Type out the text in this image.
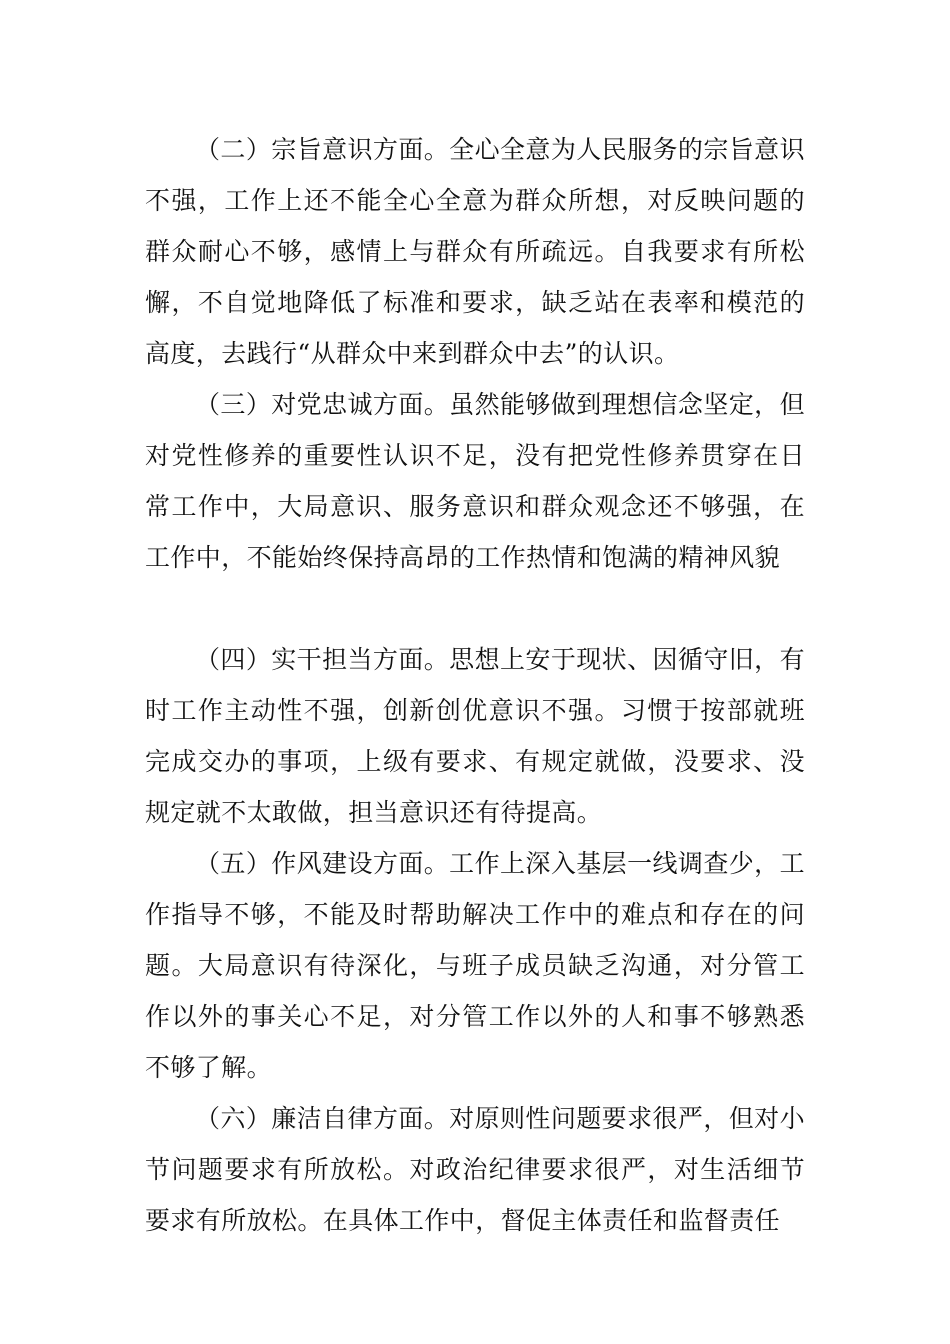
（二）宗旨意识方面。全心全意为人民服务的宗旨意识不强，工作上还不能全心全意为群众所想，对反映问题的群众耐心不够，感情上与群众有所疏远。自我要求有所松懈，不自觉地降低了标准和要求，缺乏站在表率和模范的高度，去践行“从群众中来到群众中去”的认识。

（三）对党忠诚方面。虽然能够做到理想信念坚定，但对党性修养的重要性认识不足，没有把党性修养贯穿在日常工作中，大局意识、服务意识和群众观念还不够强，在工作中，不能始终保持高昂的工作热情和饱满的精神风貌

（四）实干担当方面。思想上安于现状、因循守旧，有时工作主动性不强，创新创优意识不强。习惯于按部就班完成交办的事项，上级有要求、有规定就做，没要求、没规定就不太敢做，担当意识还有待提高。

（五）作风建设方面。工作上深入基层一线调查少，工作指导不够，不能及时帮助解决工作中的难点和存在的问题。大局意识有待深化，与班子成员缺乏沟通，对分管工作以外的事关心不足，对分管工作以外的人和事不够熟悉不够了解。

（六）廉洁自律方面。对原则性问题要求很严，但对小节问题要求有所放松。对政治纪律要求很严，对生活细节要求有所放松。在具体工作中，督促主体责任和监督责任
